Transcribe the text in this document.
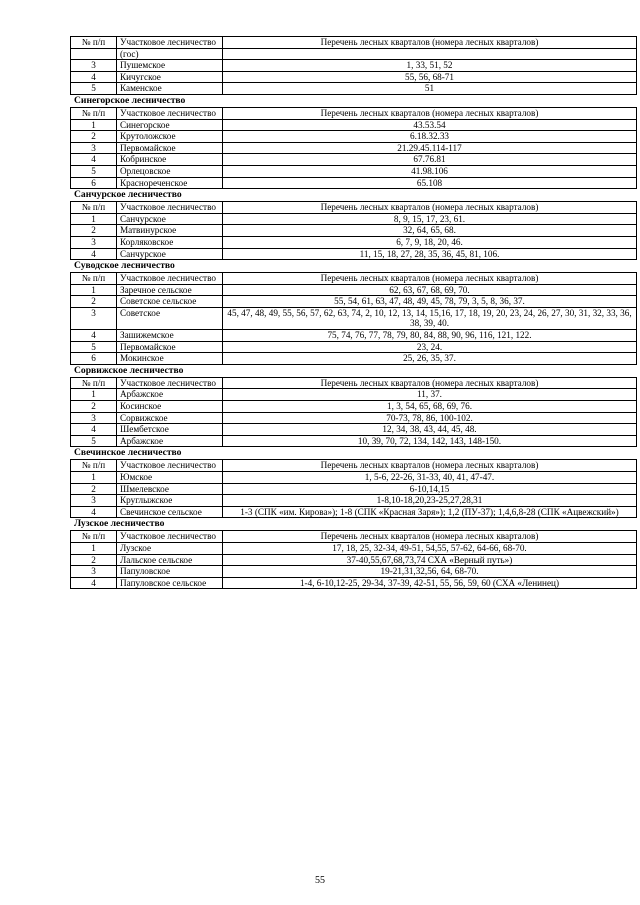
№ п/п	Участковое лесничество	Перечень лесных кварталов (номера лесных кварталов)
	(гос)	
3	Пушемское	1, 33, 51, 52
4	Кичугское	55, 56, 68-71
5	Каменское	51
Синегорское лесничество
№ п/п	Участковое лесничество	Перечень лесных кварталов (номера лесных кварталов)
1	Синегорское	43.53.54
2	Крутоложское	6.18.32.33
3	Первомайское	21.29.45.114-117
4	Кобринское	67.76.81
5	Орлецовское	41.98.106
6	Краснореченское	65.108
Санчурское лесничество
№ п/п	Участковое лесничество	Перечень лесных кварталов (номера лесных кварталов)
1	Санчурское	8, 9, 15, 17, 23, 61.
2	Матвинурское	32, 64, 65, 68.
3	Корляковское	6, 7, 9, 18, 20, 46.
4	Санчурское	11, 15, 18, 27, 28, 35, 36, 45, 81, 106.
Суводское лесничество
№ п/п	Участковое лесничество	Перечень лесных кварталов (номера лесных кварталов)
1	Заречное сельское	62, 63, 67, 68, 69, 70.
2	Советское сельское	55, 54, 61, 63, 47, 48, 49, 45, 78, 79, 3, 5, 8, 36, 37.
3	Советское	45, 47, 48, 49, 55, 56, 57, 62, 63, 74, 2, 10, 12, 13, 14, 15,16, 17, 18, 19, 20, 23, 24, 26, 27, 30, 31, 32, 33, 36, 38, 39, 40.
4	Зашижемское	75, 74, 76, 77, 78, 79, 80, 84, 88, 90, 96, 116, 121, 122.
5	Первомайское	23, 24.
6	Мокинское	25, 26, 35, 37.
Сорвижское лесничество
№ п/п	Участковое лесничество	Перечень лесных кварталов (номера лесных кварталов)
1	Арбажское	11, 37.
2	Косинское	1, 3, 54, 65, 68, 69, 76.
3	Сорвижское	70-73, 78, 86, 100-102.
4	Шембетское	12, 34, 38, 43, 44, 45, 48.
5	Арбажское	10, 39, 70, 72, 134, 142, 143, 148-150.
Свечинское лесничество
№ п/п	Участковое лесничество	Перечень лесных кварталов (номера лесных кварталов)
1	Юмское	1, 5-6, 22-26, 31-33, 40, 41, 47-47.
2	Шмелевское	6-10,14,15
3	Круглыжское	1-8,10-18,20,23-25,27,28,31
4	Свечинское сельское	1-3 (СПК «им. Кирова»); 1-8 (СПК «Красная Заря»); 1,2 (ПУ-37); 1,4,6,8-28 (СПК «Ацвежский»)
Лузское лесничество
№ п/п	Участковое лесничество	Перечень лесных кварталов (номера лесных кварталов)
1	Лузское	17, 18, 25, 32-34, 49-51, 54,55, 57-62, 64-66, 68-70.
2	Лальское сельское	37-40,55,67,68,73,74 СХА «Верный путь»)
3	Папуловское	19-21,31,32,56, 64, 68-70.
4	Папуловское сельское	1-4, 6-10,12-25, 29-34, 37-39, 42-51, 55, 56, 59, 60 (СХА «Ленинец)
55
